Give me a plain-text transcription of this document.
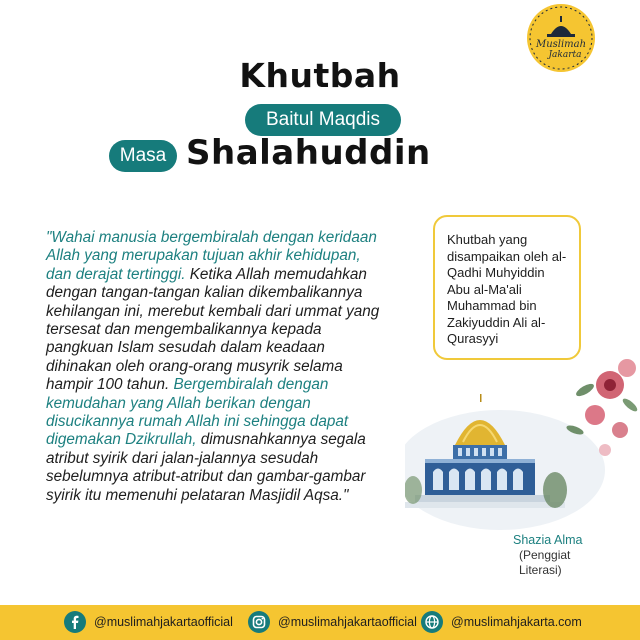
Muslimah
Jakarta
Khutbah
Baitul Maqdis
Masa Shalahuddin
"Wahai manusia bergembiralah dengan keridaan Allah yang merupakan tujuan akhir kehidupan, dan derajat tertinggi. Ketika Allah memudahkan dengan tangan-tangan kalian dikembalikannya kehilangan ini, merebut kembali dari ummat yang tersesat dan mengembalikannya kepada pangkuan Islam sesudah dalam keadaan dihinakan oleh orang-orang musyrik selama hampir 100 tahun. Bergembiralah dengan kemudahan yang Allah berikan dengan disucikannya rumah Allah ini sehingga dapat digemakan Dzikrullah, dimusnahkannya segala atribut syirik dari jalan-jalannya sesudah sebelumnya atribut-atribut dan gambar-gambar syirik itu memenuhi pelataran Masjidil Aqsa."
Khutbah yang disampaikan oleh al-Qadhi Muhyiddin Abu al-Ma'ali Muhammad bin Zakiyuddin Ali al-Qurasyyi
Shazia Alma
(Penggiat Literasi)
@muslimahjakartaofficial	@muslimahjakartaofficial	@muslimahjakarta.com
